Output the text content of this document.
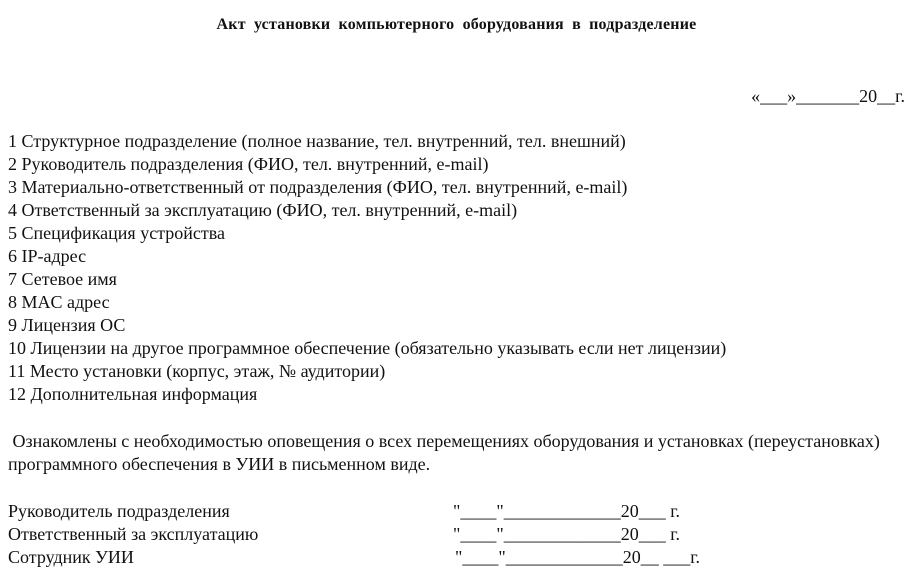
Акт установки компьютерного оборудования в подразделение
«___»_______20__г.
1 Структурное подразделение (полное название, тел. внутренний, тел. внешний)
2 Руководитель подразделения (ФИО, тел. внутренний, e-mail)
3 Материально-ответственный от подразделения (ФИО, тел. внутренний, e-mail)
4 Ответственный за эксплуатацию (ФИО, тел. внутренний, e-mail)
5 Спецификация устройства
6 IP-адрес
7 Сетевое имя
8 MAC адрес
9 Лицензия ОС
10 Лицензии на другое программное обеспечение (обязательно указывать если нет лицензии)
11 Место установки (корпус, этаж, № аудитории)
12 Дополнительная информация
Ознакомлены с необходимостью оповещения о всех перемещениях оборудования и установках (переустановках) программного обеспечения в УИИ в письменном виде.
Руководитель подразделения	"____"_____________20___ г.
Ответственный за эксплуатацию	"____"_____________20___ г.
Сотрудник УИИ	"____"_____________20__ ___г.
